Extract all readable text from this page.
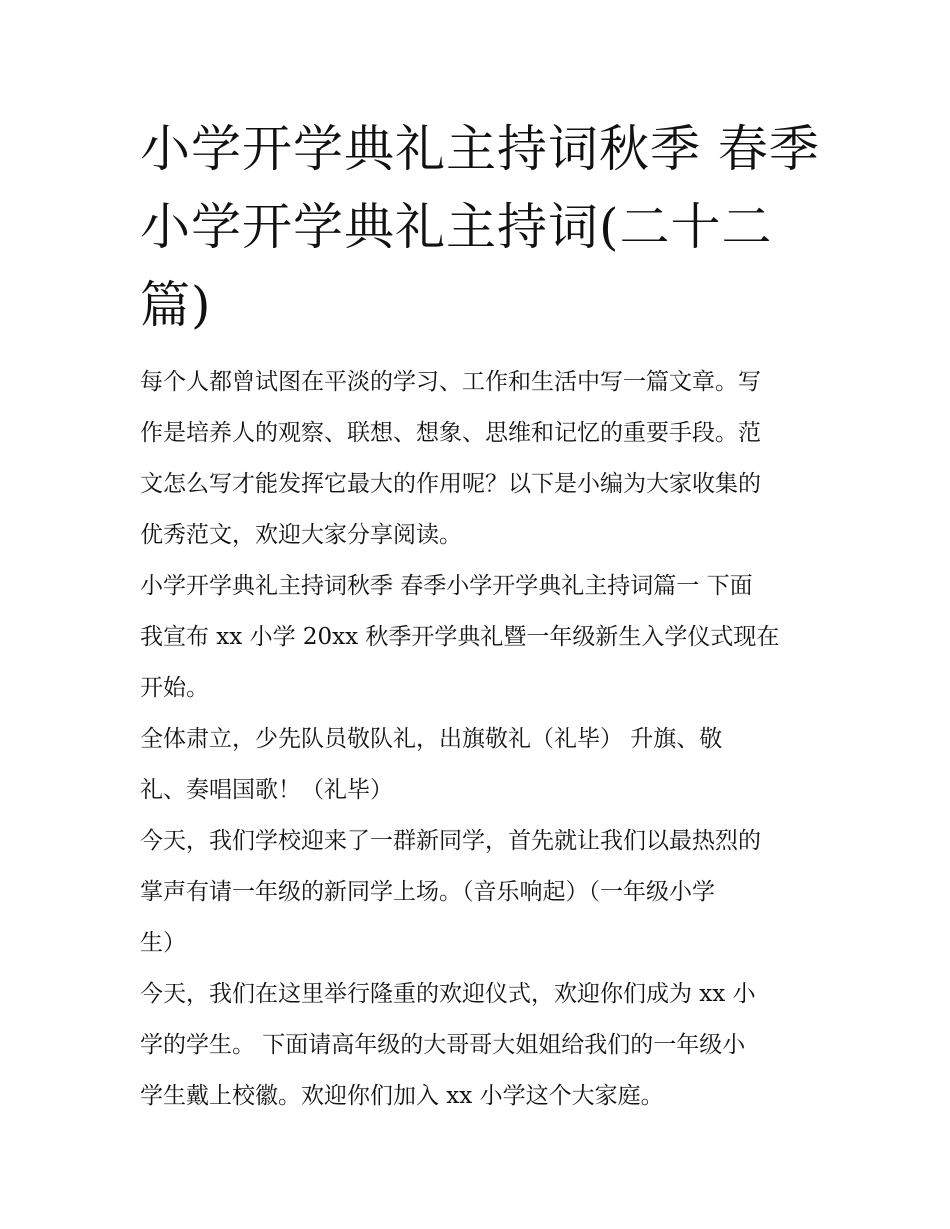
小学开学典礼主持词秋季 春季
小学开学典礼主持词(二十二
篇)

每个人都曾试图在平淡的学习、工作和生活中写一篇文章。写
作是培养人的观察、联想、想象、思维和记忆的重要手段。范
文怎么写才能发挥它最大的作用呢？以下是小编为大家收集的
优秀范文，欢迎大家分享阅读。

小学开学典礼主持词秋季 春季小学开学典礼主持词篇一 下面
我宣布 xx 小学 20xx 秋季开学典礼暨一年级新生入学仪式现在
开始。

全体肃立，少先队员敬队礼，出旗敬礼（礼毕） 升旗、敬
礼、奏唱国歌！（礼毕）

今天，我们学校迎来了一群新同学，首先就让我们以最热烈的
掌声有请一年级的新同学上场。（音乐响起）（一年级小学
生）

今天，我们在这里举行隆重的欢迎仪式，欢迎你们成为 xx 小
学的学生。 下面请高年级的大哥哥大姐姐给我们的一年级小
学生戴上校徽。欢迎你们加入 xx 小学这个大家庭。
